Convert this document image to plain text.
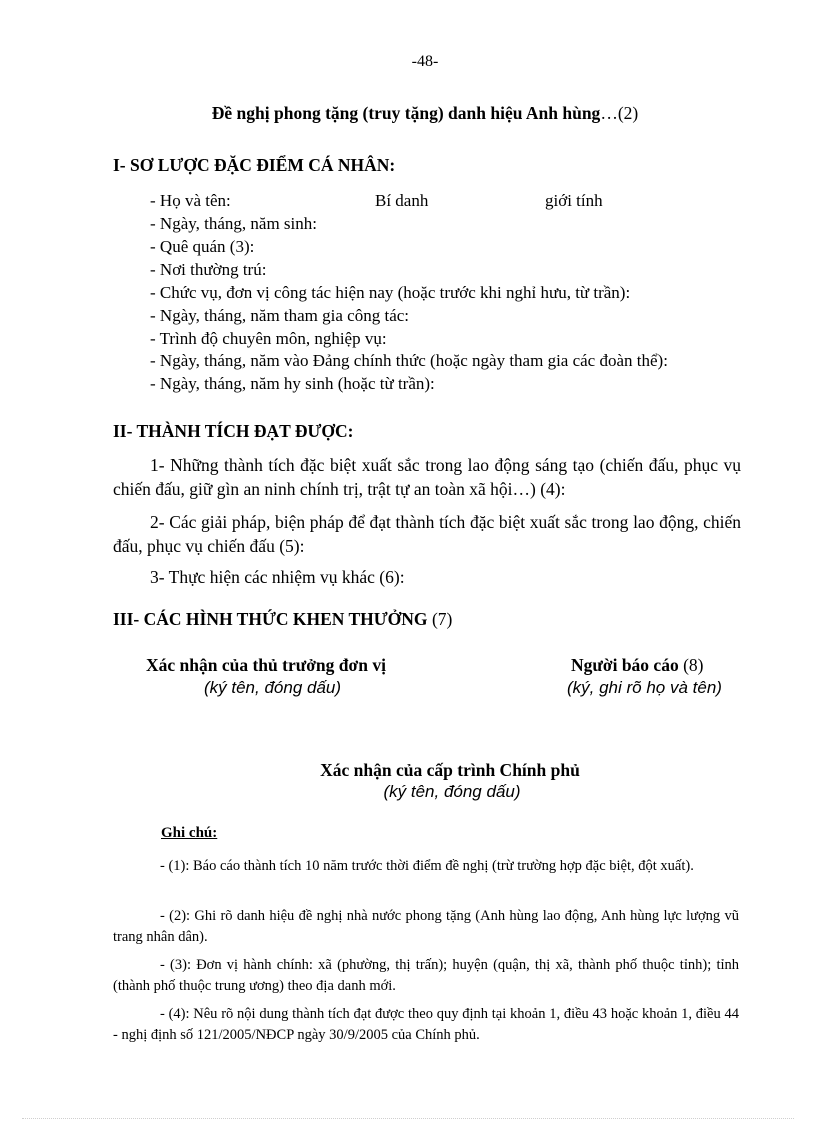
-48-
Đề nghị phong tặng (truy tặng) danh hiệu Anh hùng…(2)
I- SƠ LƯỢC ĐẶC ĐIỂM CÁ NHÂN:
- Họ và tên:	Bí danh	giới tính
- Ngày, tháng, năm sinh:
- Quê quán (3):
- Nơi thường trú:
- Chức vụ, đơn vị công tác hiện nay (hoặc trước khi nghỉ hưu, từ trần):
- Ngày, tháng, năm tham gia công tác:
- Trình độ chuyên môn, nghiệp vụ:
- Ngày, tháng, năm vào Đảng chính thức (hoặc ngày tham gia các đoàn thể):
- Ngày, tháng, năm hy sinh (hoặc từ trần):
II- THÀNH TÍCH ĐẠT ĐƯỢC:
1- Những thành tích đặc biệt xuất sắc trong lao động sáng tạo (chiến đấu, phục vụ chiến đấu, giữ gìn an ninh chính trị, trật tự an toàn xã hội…) (4):
2- Các giải pháp, biện pháp để đạt thành tích đặc biệt xuất sắc trong lao động, chiến đấu, phục vụ chiến đấu (5):
3- Thực hiện các nhiệm vụ khác (6):
III- CÁC HÌNH THỨC KHEN THƯỞNG (7)
Xác nhận của thủ trưởng đơn vị
(ký tên, đóng dấu)
Người báo cáo (8)
(ký, ghi rõ họ và tên)
Xác nhận của cấp trình Chính phủ
(ký tên, đóng dấu)
Ghi chú:
- (1): Báo cáo thành tích 10 năm trước thời điểm đề nghị (trừ trường hợp đặc biệt, đột xuất).
- (2): Ghi rõ danh hiệu đề nghị nhà nước phong tặng (Anh hùng lao động, Anh hùng lực lượng vũ trang nhân dân).
- (3): Đơn vị hành chính: xã (phường, thị trấn); huyện (quận, thị xã, thành phố thuộc tỉnh); tỉnh (thành phố thuộc trung ương) theo địa danh mới.
- (4): Nêu rõ nội dung thành tích đạt được theo quy định tại khoản 1, điều 43 hoặc khoản 1, điều 44 - nghị định số 121/2005/NĐCP ngày 30/9/2005 của Chính phủ.
